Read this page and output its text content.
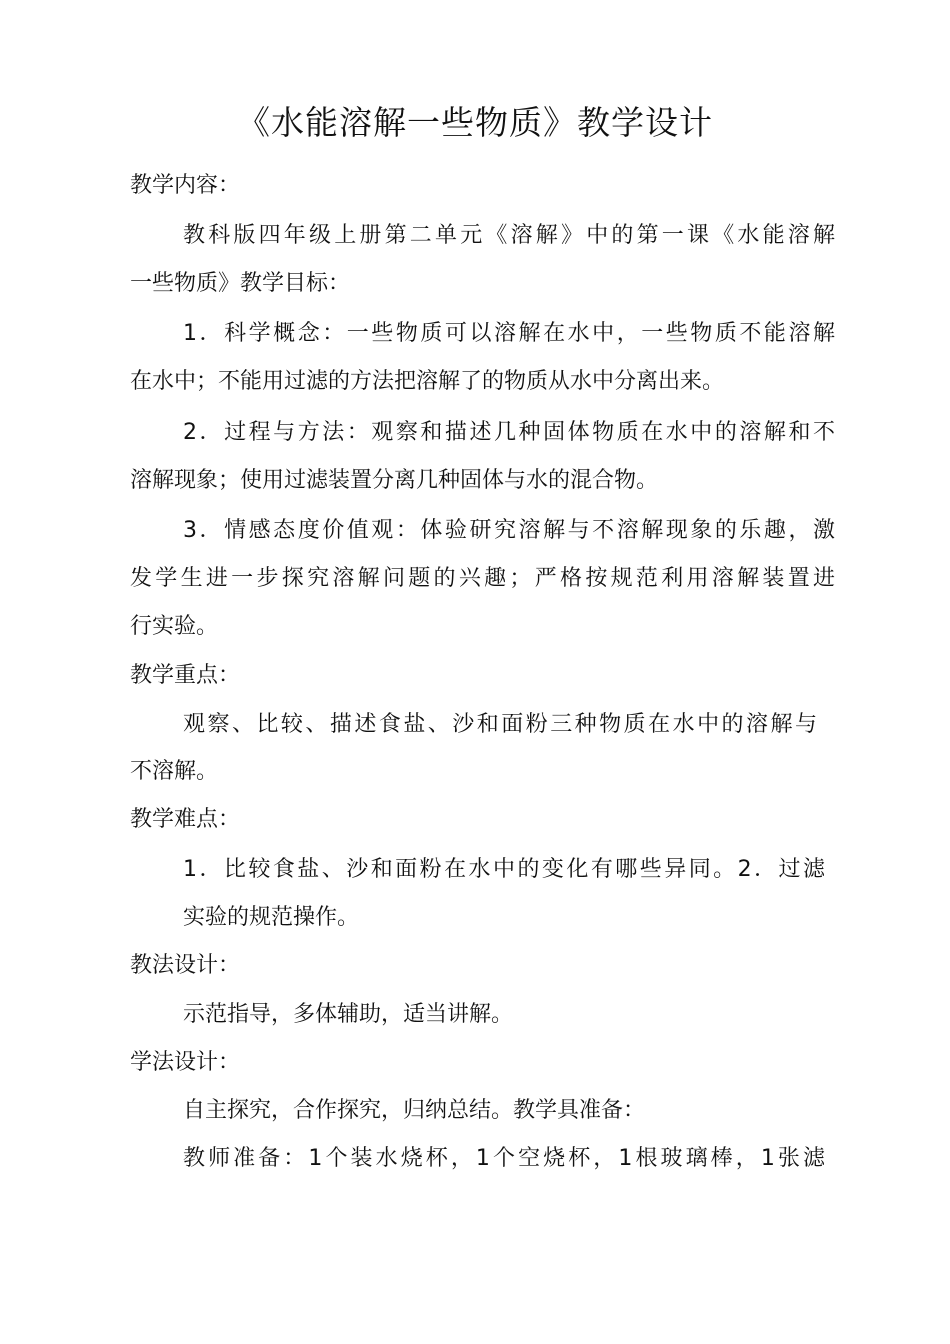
《水能溶解一些物质》教学设计
教学内容：
教科版四年级上册第二单元《溶解》中的第一课《水能溶解
一些物质》教学目标：
1．科学概念：一些物质可以溶解在水中，一些物质不能溶解
在水中；不能用过滤的方法把溶解了的物质从水中分离出来。
2．过程与方法：观察和描述几种固体物质在水中的溶解和不
溶解现象；使用过滤装置分离几种固体与水的混合物。
3．情感态度价值观：体验研究溶解与不溶解现象的乐趣，激
发学生进一步探究溶解问题的兴趣；严格按规范利用溶解装置进
行实验。
教学重点：
观察、比较、描述食盐、沙和面粉三种物质在水中的溶解与
不溶解。
教学难点：
1．比较食盐、沙和面粉在水中的变化有哪些异同。2．过滤
实验的规范操作。
教法设计：
示范指导，多体辅助，适当讲解。
学法设计：
自主探究，合作探究，归纳总结。教学具准备：
教师准备：1个装水烧杯，1个空烧杯，1根玻璃棒，1张滤
